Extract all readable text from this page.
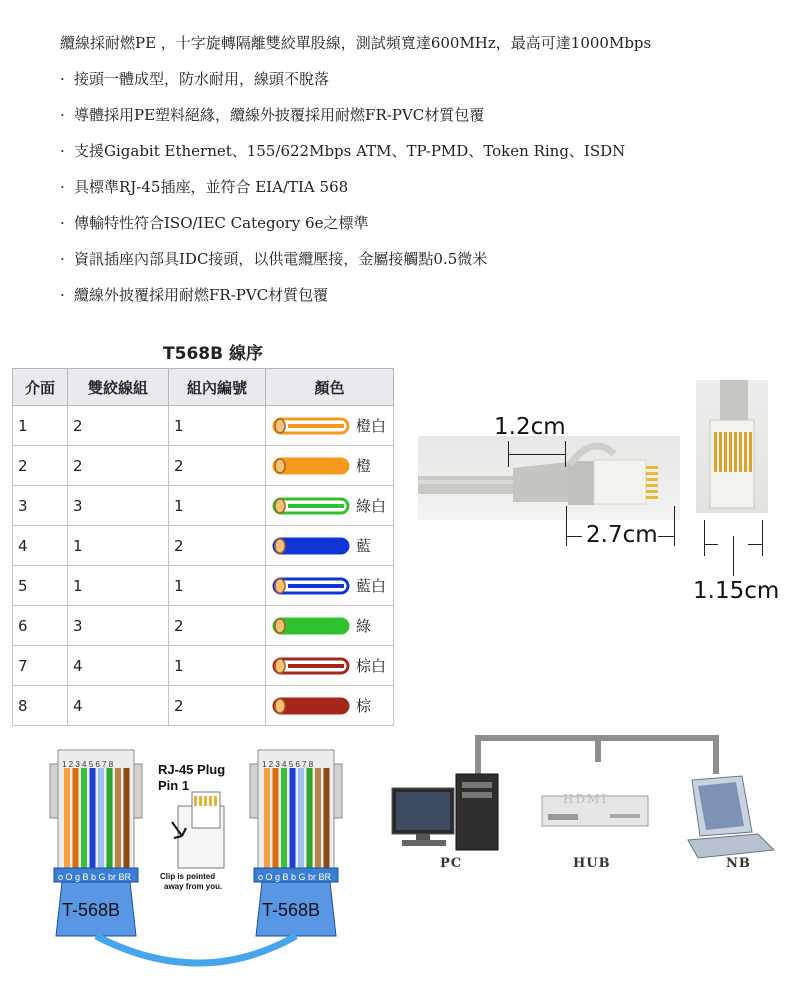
纜線採耐燃PE ，十字旋轉隔離雙絞單股線，測試頻寬達600MHz，最高可達1000Mbps

· 接頭一體成型，防水耐用，線頭不脫落
· 導體採用PE塑料絕緣，纜線外披覆採用耐燃FR-PVC材質包覆
· 支援Gigabit Ethernet、155/622Mbps ATM、TP-PMD、Token Ring、ISDN
· 具標準RJ-45插座，並符合 EIA/TIA 568
· 傳輸特性符合ISO/IEC Category 6e之標準
· 資訊插座內部具IDC接頭，以供電纜壓接，金屬接觸點0.5微米
· 纜線外披覆採用耐燃FR-PVC材質包覆
T568B 線序
介面	雙絞線組	組內編號	顏色
1	2	1	橙白
2	2	2	橙
3	3	1	綠白
4	1	2	藍
5	1	1	藍白
6	3	2	綠
7	4	1	棕白
8	4	2	棕
1.2cm
2.7cm
1.15cm
1 2 3 4 5 6 7 8	1 2 3 4 5 6 7 8
o O g B b G br BR	o O g B b G br BR
T-568B	T-568B
RJ-45 Plug
Pin 1
Clip is pointed
away from you.
HDMI
PC	HUB	NB
